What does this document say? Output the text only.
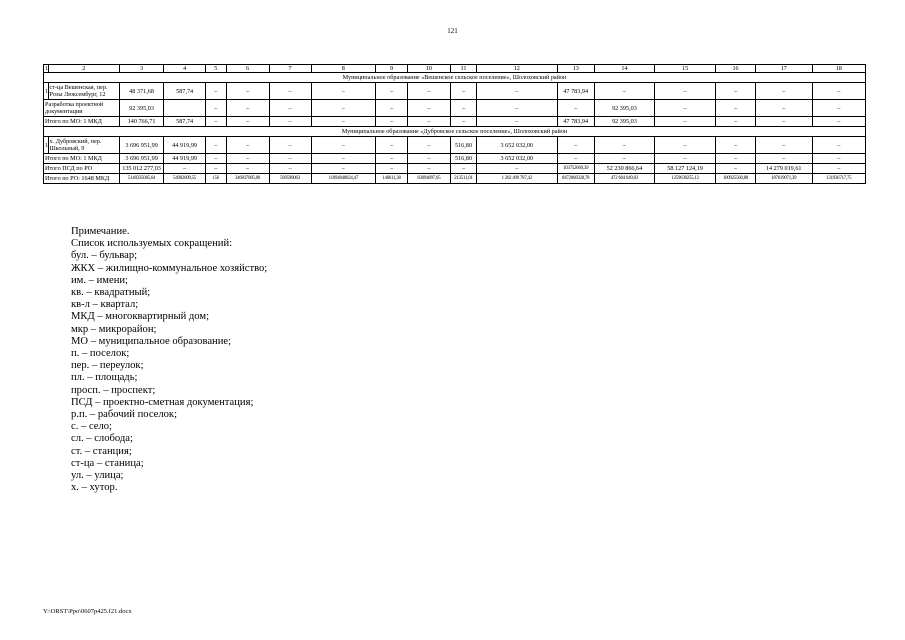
121
1	2	3	4	5	6	7	8	9	10	11	12	13	14	15	16	17	18
Муниципальное образование «Вешенское сельское поселение», Шолоховский район																	
1.	ст-ца Вешенская, пер. Розы Люксембург, 12	48 371,68	587,74	–	–	–	–	–	–	–	–	47 783,94	–	–	–	–	–
Разработка проектной документации		92 395,03		–	–	–	–	–	–	–	–	–	92 395,03	–	–	–	–
Итого по МО: 1 МКД		140 766,71	587,74	–	–	–	–	–	–	–	–	47 783,94	92 395,03	–	–	–	–
Муниципальное образование «Дубровское сельское поселение», Шолоховский район																	
1	х. Дубровский, пер. Школьный, 9	3 696 951,99	44 919,99	–	–	–	–	–	–	516,80	3 652 032,00	–	–	–	–	–	–
Итого по МО: 1 МКД		3 696 951,99	44 919,99	–	–	–	–	–	–	516,80	3 652 032,00	–	–	–	–	–	–
Итого ПСД по РО		135 012 277,03	–	–	–	–	–	–	–	–	–	103752669,39	52 230 866,64	58 127 124,19	–	14 279 019,61	–
Итого по РО: 1648 МКД		5148335085,64	54902609,55	156	346837085,00	569590063	11894848024,47	146611,38	83094897,05	213511,01	1 202 499 787,42	8472068328,78	472 604 049,03	1259630255,12	100925560,88	187619071,39	131936717,75
Примечание.
Список используемых сокращений:
бул. – бульвар;
ЖКХ – жилищно-коммунальное хозяйство;
им. – имени;
кв. – квадратный;
кв-л – квартал;
МКД – многоквартирный дом;
мкр – микрорайон;
МО – муниципальное образование;
п. – поселок;
пер. – переулок;
пл. – площадь;
просп. – проспект;
ПСД – проектно-сметная документация;
р.п. – рабочий поселок;
с. – село;
сл. – слобода;
ст. – станция;
ст-ца – станица;
ул. – улица;
х. – хутор.
Y:\ORST\Ppo\0607p425.f21.docx
